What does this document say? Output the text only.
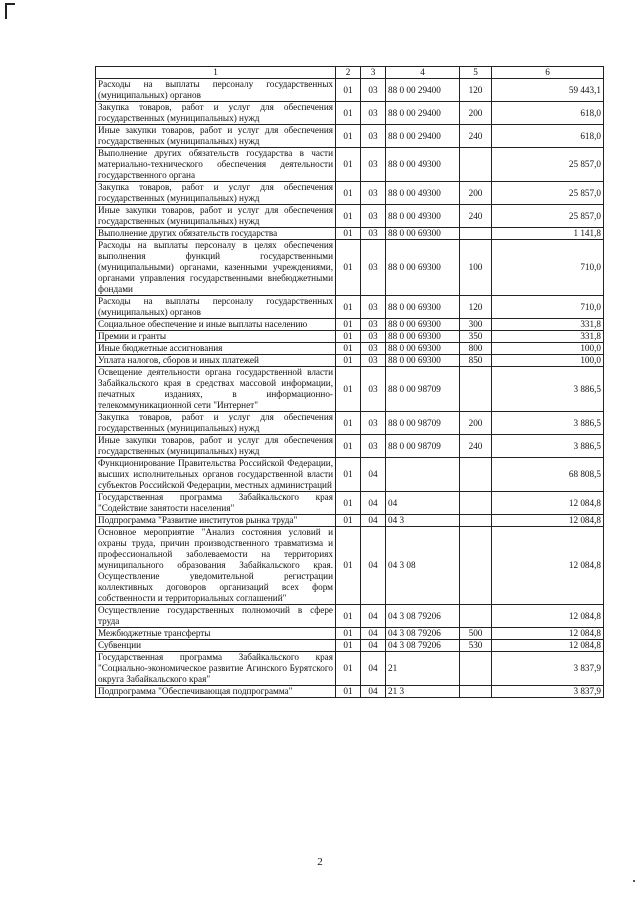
1	2	3	4	5	6
Расходы на выплаты персоналу государственных (муниципальных) органов	01	03	88 0 00 29400	120	59 443,1
Закупка товаров, работ и услуг для обеспечения государственных (муниципальных) нужд	01	03	88 0 00 29400	200	618,0
Иные закупки товаров, работ и услуг для обеспечения государственных (муниципальных) нужд	01	03	88 0 00 29400	240	618,0
Выполнение других обязательств государства в части материально-технического обеспечения деятельности государственного органа	01	03	88 0 00 49300		25 857,0
Закупка товаров, работ и услуг для обеспечения государственных (муниципальных) нужд	01	03	88 0 00 49300	200	25 857,0
Иные закупки товаров, работ и услуг для обеспечения государственных (муниципальных) нужд	01	03	88 0 00 49300	240	25 857,0
Выполнение других обязательств государства	01	03	88 0 00 69300		1 141,8
Расходы на выплаты персоналу в целях обеспечения выполнения функций государственными (муниципальными) органами, казенными учреждениями, органами управления государственными внебюджетными фондами	01	03	88 0 00 69300	100	710,0
Расходы на выплаты персоналу государственных (муниципальных) органов	01	03	88 0 00 69300	120	710,0
Социальное обеспечение и иные выплаты населению	01	03	88 0 00 69300	300	331,8
Премии и гранты	01	03	88 0 00 69300	350	331,8
Иные бюджетные ассигнования	01	03	88 0 00 69300	800	100,0
Уплата налогов, сборов и иных платежей	01	03	88 0 00 69300	850	100,0
Освещение деятельности органа государственной власти Забайкальского края в средствах массовой информации, печатных изданиях, в информационно-телекоммуникационной сети "Интернет"	01	03	88 0 00 98709		3 886,5
Закупка товаров, работ и услуг для обеспечения государственных (муниципальных) нужд	01	03	88 0 00 98709	200	3 886,5
Иные закупки товаров, работ и услуг для обеспечения государственных (муниципальных) нужд	01	03	88 0 00 98709	240	3 886,5
Функционирование Правительства Российской Федерации, высших исполнительных органов государственной власти субъектов Российской Федерации, местных администраций	01	04			68 808,5
Государственная программа Забайкальского края "Содействие занятости населения"	01	04	04		12 084,8
Подпрограмма "Развитие институтов рынка труда"	01	04	04 3		12 084,8
Основное мероприятие "Анализ состояния условий и охраны труда, причин производственного травматизма и профессиональной заболеваемости на территориях муниципального образования Забайкальского края. Осуществление уведомительной регистрации коллективных договоров организаций всех форм собственности и территориальных соглашений"	01	04	04 3 08		12 084,8
Осуществление государственных полномочий в сфере труда	01	04	04 3 08 79206		12 084,8
Межбюджетные трансферты	01	04	04 3 08 79206	500	12 084,8
Субвенции	01	04	04 3 08 79206	530	12 084,8
Государственная программа Забайкальского края "Социально-экономическое развитие Агинского Бурятского округа Забайкальского края"	01	04	21		3 837,9
Подпрограмма "Обеспечивающая подпрограмма"	01	04	21 3		3 837,9
2
